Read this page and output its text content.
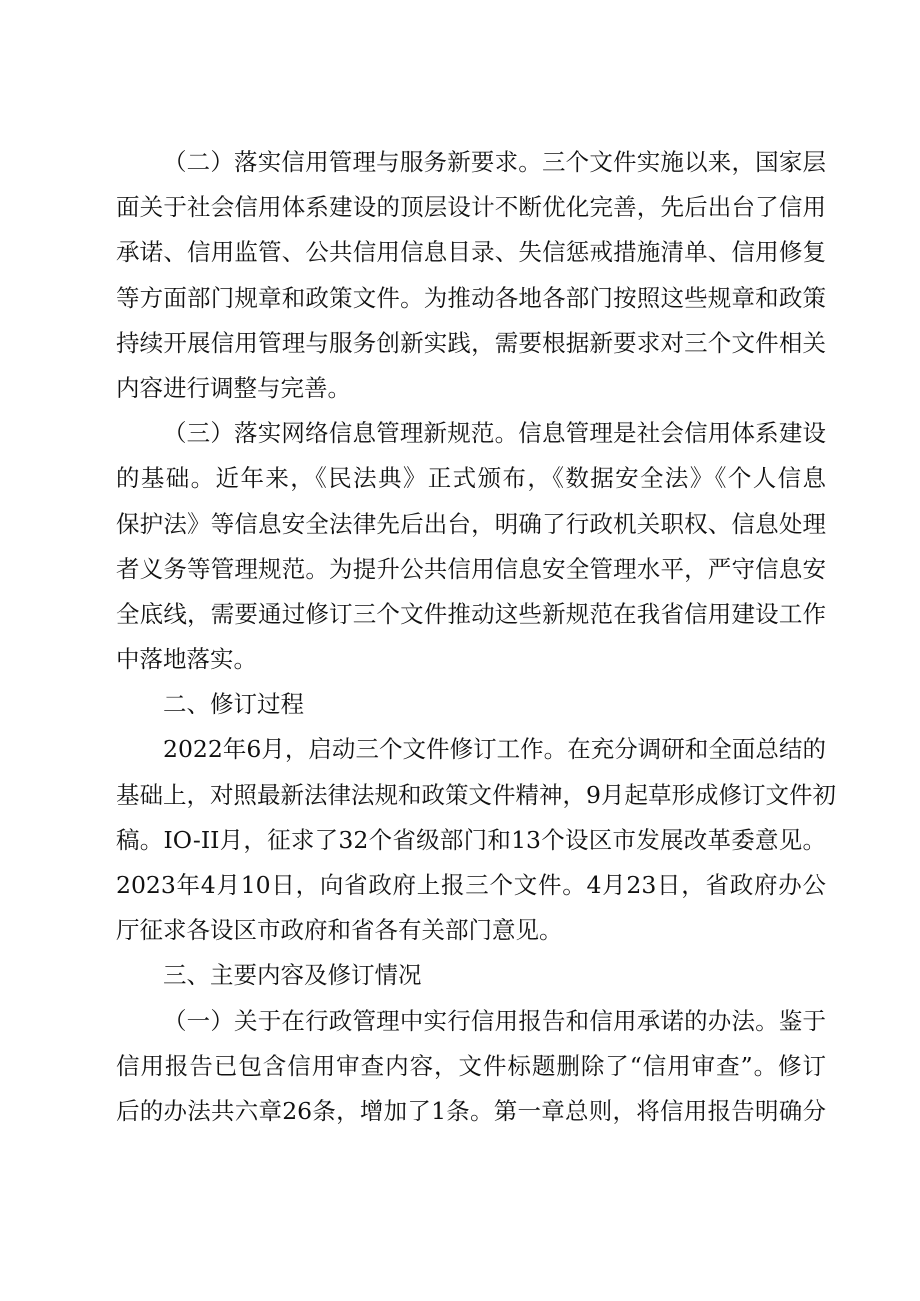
（二）落实信用管理与服务新要求。三个文件实施以来，国家层
面关于社会信用体系建设的顶层设计不断优化完善，先后出台了信用
承诺、信用监管、公共信用信息目录、失信惩戒措施清单、信用修复
等方面部门规章和政策文件。为推动各地各部门按照这些规章和政策
持续开展信用管理与服务创新实践，需要根据新要求对三个文件相关
内容进行调整与完善。
（三）落实网络信息管理新规范。信息管理是社会信用体系建设
的基础。近年来，《民法典》正式颁布，《数据安全法》《个人信息
保护法》等信息安全法律先后出台，明确了行政机关职权、信息处理
者义务等管理规范。为提升公共信用信息安全管理水平，严守信息安
全底线，需要通过修订三个文件推动这些新规范在我省信用建设工作
中落地落实。
二、修订过程
2022年6月，启动三个文件修订工作。在充分调研和全面总结的
基础上，对照最新法律法规和政策文件精神，9月起草形成修订文件初
稿。IO-II月，征求了32个省级部门和13个设区市发展改革委意见。
2023年4月10日，向省政府上报三个文件。4月23日，省政府办公
厅征求各设区市政府和省各有关部门意见。
三、主要内容及修订情况
（一）关于在行政管理中实行信用报告和信用承诺的办法。鉴于
信用报告已包含信用审查内容，文件标题删除了“信用审查”。修订
后的办法共六章26条，增加了1条。第一章总则，将信用报告明确分
